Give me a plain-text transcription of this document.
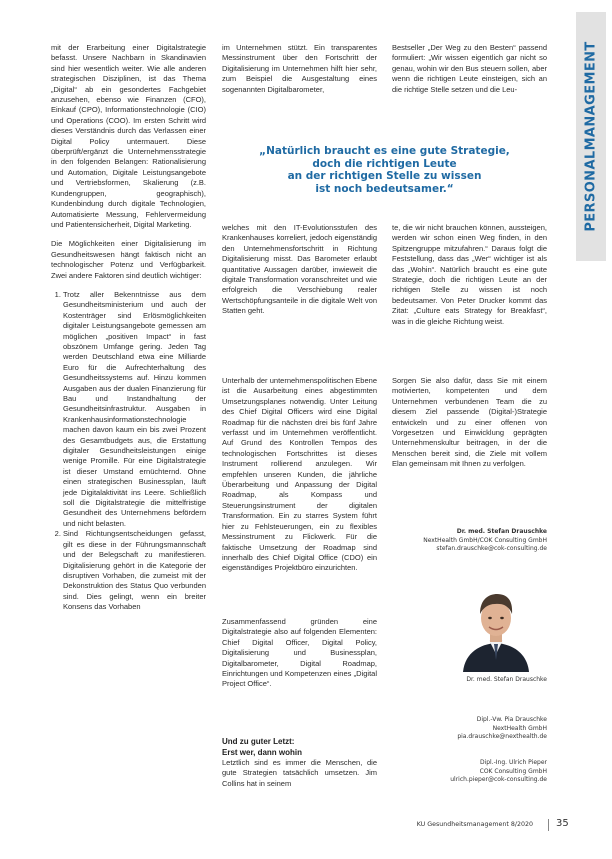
PERSONALMANAGEMENT

mit der Erarbeitung einer Digitalstrategie befasst. Unsere Nachbarn in Skandinavien sind hier wesentlich weiter. Wie alle anderen strategischen Disziplinen, ist das Thema „Digital“ ab ein gesondertes Fachgebiet anzusehen, ebenso wie Finanzen (CFO), Einkauf (CPO), Informationstechnologie (CIO) und Operations (COO). Im ersten Schritt wird dieses Verständnis durch das Verlassen einer Digital Policy untermauert. Diese überprüft/ergänzt die Unternehmensstrategie in den folgenden Belangen: Rationalisierung und Automation, Digitale Leistungsangebote und Vertriebsformen, Skalierung (z.B. Kundengruppen, geographisch), Kundenbindung durch digitale Technologien, Automatisierte Messung, Fehlervermeidung und Patientensicherheit, Digital Marketing.

Die Möglichkeiten einer Digitalisierung im Gesundheitswesen hängt faktisch nicht an technologischer Potenz und Verfügbarkeit. Zwei andere Faktoren sind deutlich wichtiger:

1. Trotz aller Bekenntnisse aus dem Gesundheitsministerium und auch der Kostenträger sind Erlösmöglichkeiten digitaler Leistungsangebote gemessen am möglichen „positiven Impact“ in fast obszönem Umfange gering. Jeden Tag werden Deutschland etwa eine Milliarde Euro für die Aufrechterhaltung des Gesundheitssystems auf. Hinzu kommen Ausgaben aus der dualen Finanzierung für Bau und Instandhaltung der Gesundheitsinfrastruktur. Ausgaben in Krankenhausinformationstechnologie machen davon kaum ein bis zwei Prozent des Gesamtbudgets aus, die Erstattung digitaler Gesundheitsleistungen einige wenige Promille. Für eine Digitalstrategie ist dieser Umstand ernüchternd. Ohne einen strategischen Businessplan, läuft jede Digitalaktivität ins Leere. Schließlich soll die Digitalstrategie die mittelfristige Gesundheit des Unternehmens befördern und nicht belasten.
2. Sind Richtungsentscheidungen gefasst, gilt es diese in der Führungsmannschaft und der Belegschaft zu manifestieren. Digitalisierung gehört in die Kategorie der disruptiven Vorhaben, die zumeist mit der Dekonstruktion des Status Quo verbunden sind. Dies gelingt, wenn ein breiter Konsens das Vorhaben

im Unternehmen stützt. Ein transparentes Messinstrument über den Fortschritt der Digitalisierung im Unternehmen hilft hier sehr, zum Beispiel die Ausgestaltung eines sogenannten Digitalbarometer,

Bestseller „Der Weg zu den Besten“ passend formuliert: „Wir wissen eigentlich gar nicht so genau, wohin wir den Bus steuern sollen, aber wenn die richtigen Leute einsteigen, sich an die richtige Stelle setzen und die Leu-

„Natürlich braucht es eine gute Strategie,
doch die richtigen Leute
an der richtigen Stelle zu wissen
ist noch bedeutsamer.“

welches mit den IT-Evolutionsstufen des Krankenhauses korreliert, jedoch eigenständig den Unternehmensfortschritt in Richtung Digitalisierung misst. Das Barometer erlaubt quantitative Aussagen darüber, inwieweit die digitale Transformation voranschreitet und wie erfolgreich die Verschiebung realer Wertschöpfungsanteile in die digitale Welt von Statten geht.

te, die wir nicht brauchen können, aussteigen, werden wir schon einen Weg finden, in den Spitzengruppe mitzufahren.“ Daraus folgt die Feststellung, dass das „Wer“ wichtiger ist als das „Wohin“. Natürlich braucht es eine gute Strategie, doch die richtigen Leute an der richtigen Stelle zu wissen ist noch bedeutsamer. Von Peter Drucker kommt das Zitat: „Culture eats Strategy for Breakfast“, was in die gleiche Richtung weist.

Unterhalb der unternehmenspolitischen Ebene ist die Ausarbeitung eines abgestimmten Umsetzungsplanes notwendig. Unter Leitung des Chief Digital Officers wird eine Digital Roadmap für die nächsten drei bis fünf Jahre verfasst und im Unternehmen veröffentlicht. Auf Grund des Kontrollen Tempos des technologischen Fortschrittes ist dieses Instrument rollierend anzulegen. Wir empfehlen unseren Kunden, die jährliche Überarbeitung und Anpassung der Digital Roadmap, als Kompass und Steuerungsinstrument der digitalen Transformation. Ein zu starres System führt hier zu Fehlsteuerungen, ein zu flexibles Messinstrument zu Flickwerk. Für die faktische Umsetzung der Roadmap sind innerhalb des Chief Digital Office (CDO) ein eigenständiges Projektbüro einzurichten.

Zusammenfassend gründen eine Digitalstrategie also auf folgenden Elementen: Chief Digital Officer, Digital Policy, Digitalisierung und Businessplan, Digitalbarometer, Digital Roadmap, Einrichtungen und Kompetenzen eines „Digital Project Office“.

Und zu guter Letzt:
Erst wer, dann wohin

Letztlich sind es immer die Menschen, die gute Strategien tatsächlich umsetzen. Jim Collins hat in seinem

Sorgen Sie also dafür, dass Sie mit einem motivierten, kompetenten und dem Unternehmen verbundenen Team die zu diesem Ziel passende (Digital-)Strategie entwickeln und zu einer offenen von Vorgesetzen und Einwicklung geprägten Unternehmenskultur beitragen, in der die Menschen bereit sind, die Ziele mit vollem Elan gemeinsam mit Ihnen zu verfolgen.

Dr. med. Stefan Drauschke
NextHealth GmbH/COK Consulting GmbH
stefan.drauschke@cok-consulting.de
Dr. med. Stefan Drauschke
Dipl.-Vw. Pia Drauschke
NextHealth GmbH
pia.drauschke@nexthealth.de
Dipl.-Ing. Ulrich Pieper
COK Consulting GmbH
ulrich.pieper@cok-consulting.de
KU Gesundheitsmanagement 8/2020 35
